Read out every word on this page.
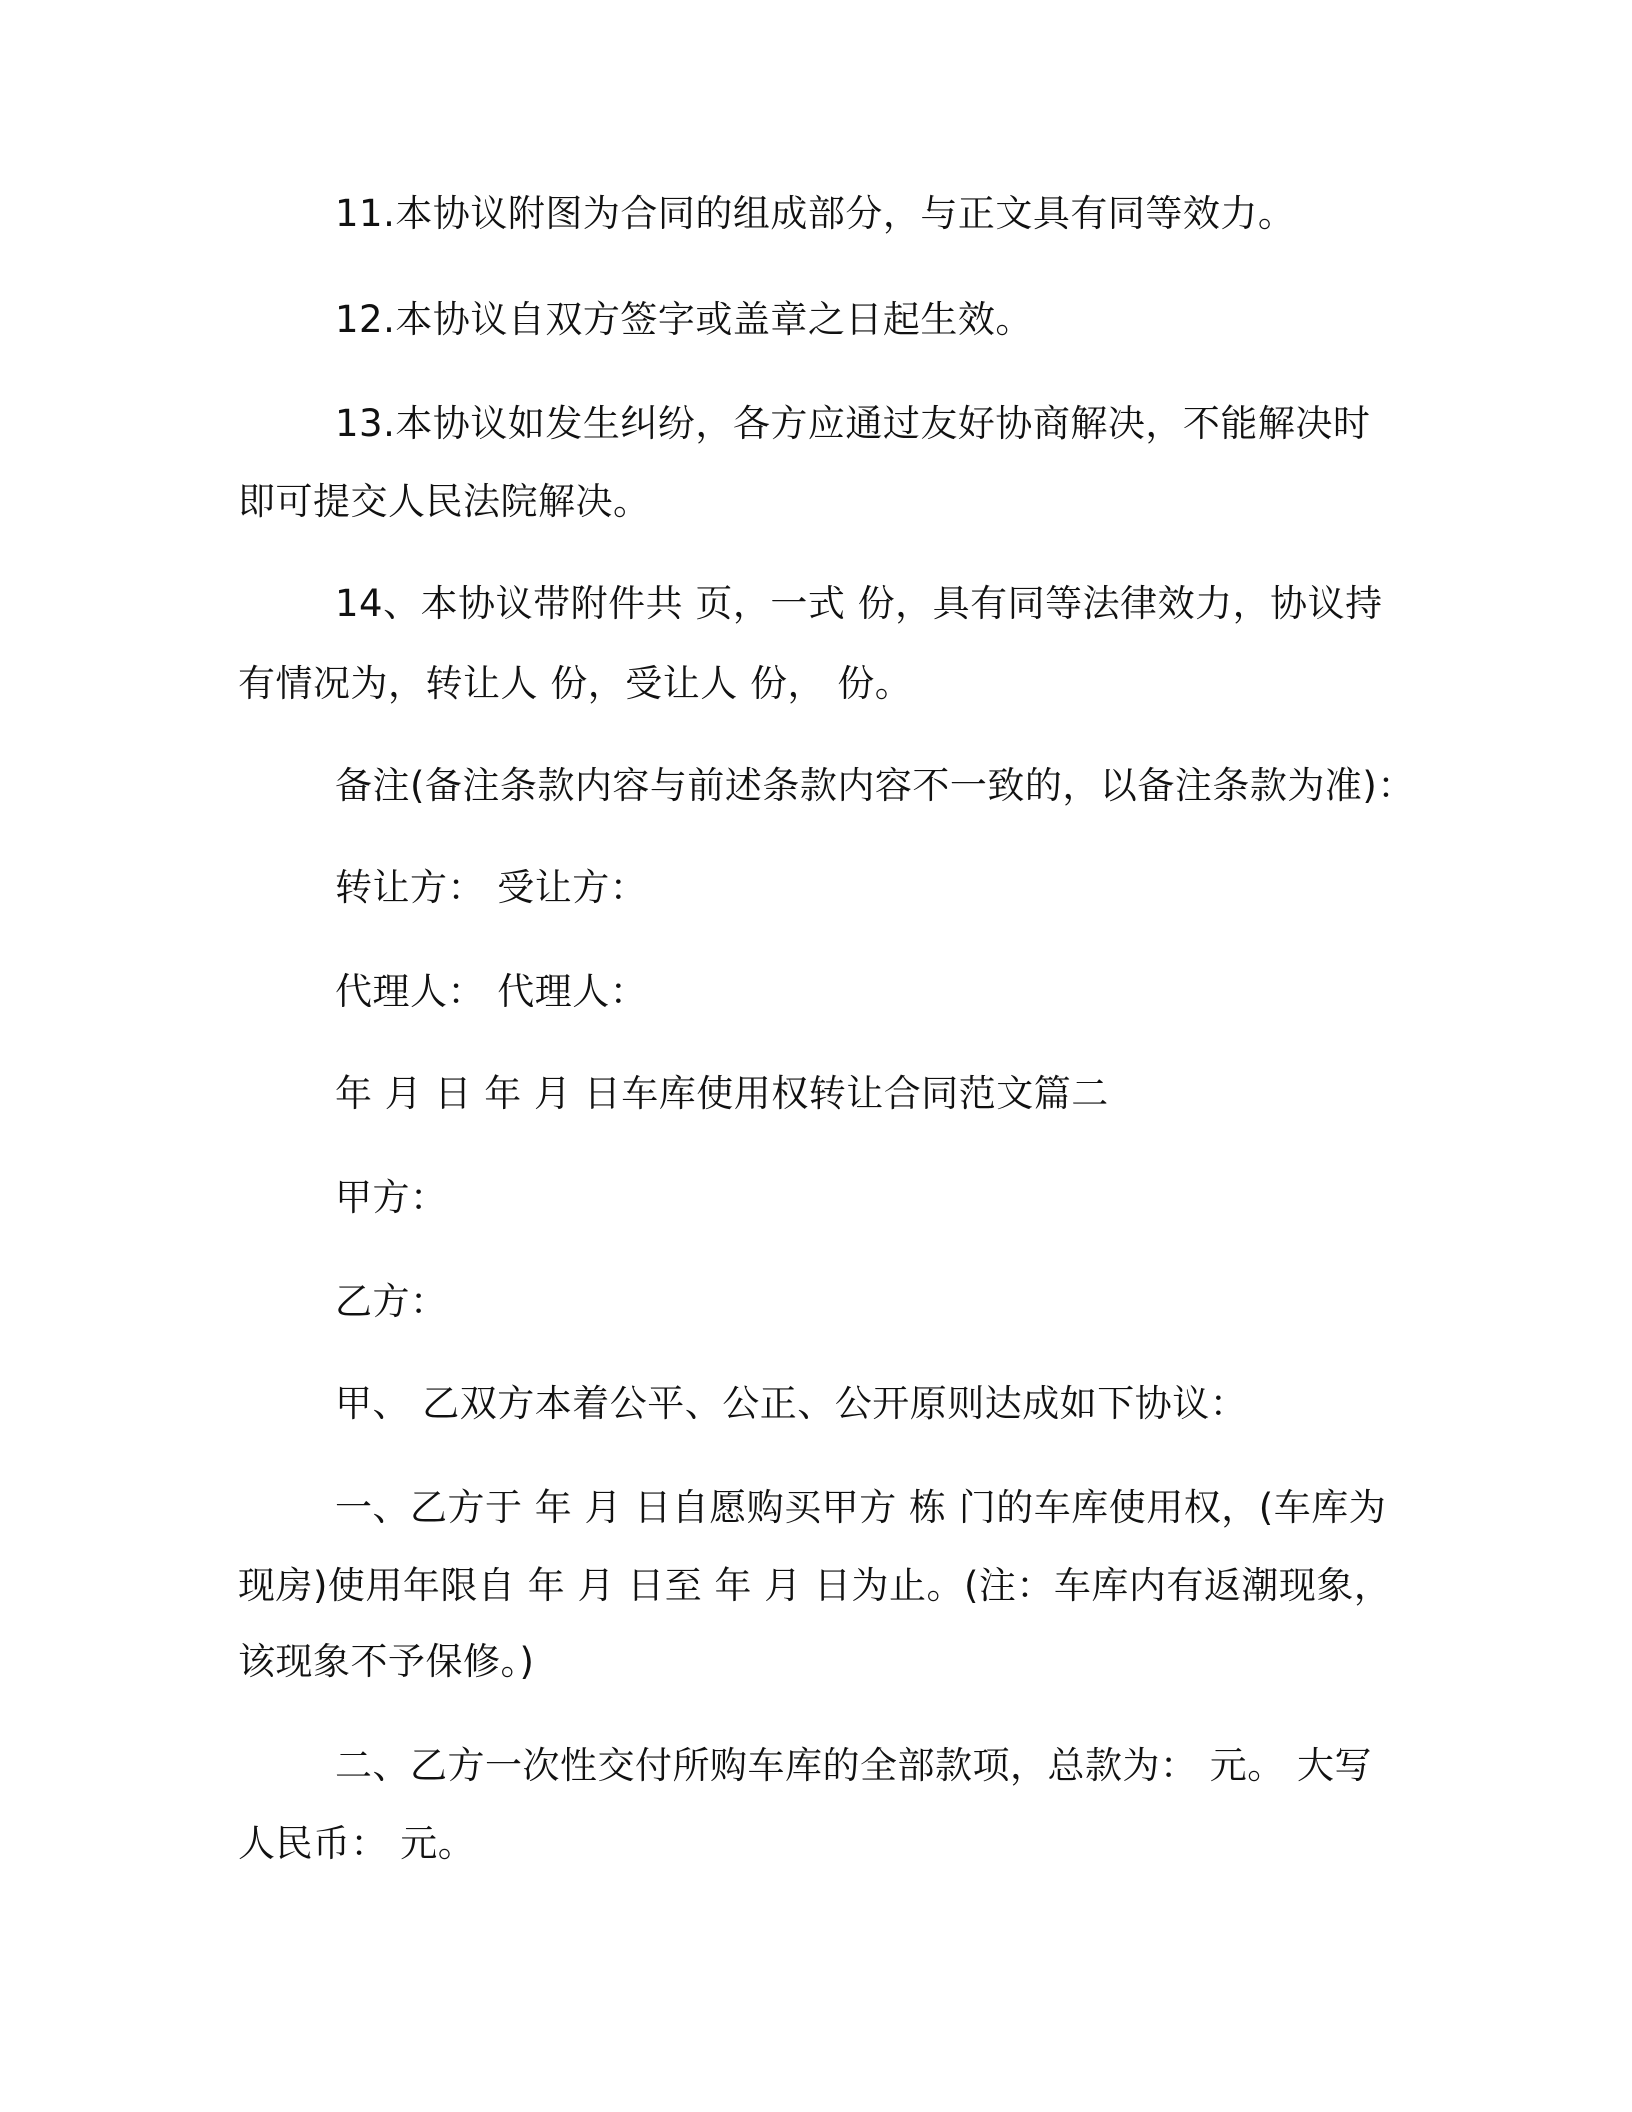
11.本协议附图为合同的组成部分，与正文具有同等效力。
12.本协议自双方签字或盖章之日起生效。
13.本协议如发生纠纷，各方应通过友好协商解决，不能解决时
即可提交人民法院解决。
14、本协议带附件共 页，一式 份，具有同等法律效力，协议持
有情况为，转让人 份，受让人 份， 份。
备注(备注条款内容与前述条款内容不一致的，以备注条款为准)：
转让方： 受让方：
代理人： 代理人：
年 月 日 年 月 日车库使用权转让合同范文篇二
甲方：
乙方：
甲、 乙双方本着公平、公正、公开原则达成如下协议：
一、乙方于 年 月 日自愿购买甲方 栋 门的车库使用权，(车库为
现房)使用年限自 年 月 日至 年 月 日为止。(注：车库内有返潮现象，
该现象不予保修。)
二、乙方一次性交付所购车库的全部款项，总款为： 元。 大写
人民币： 元。
